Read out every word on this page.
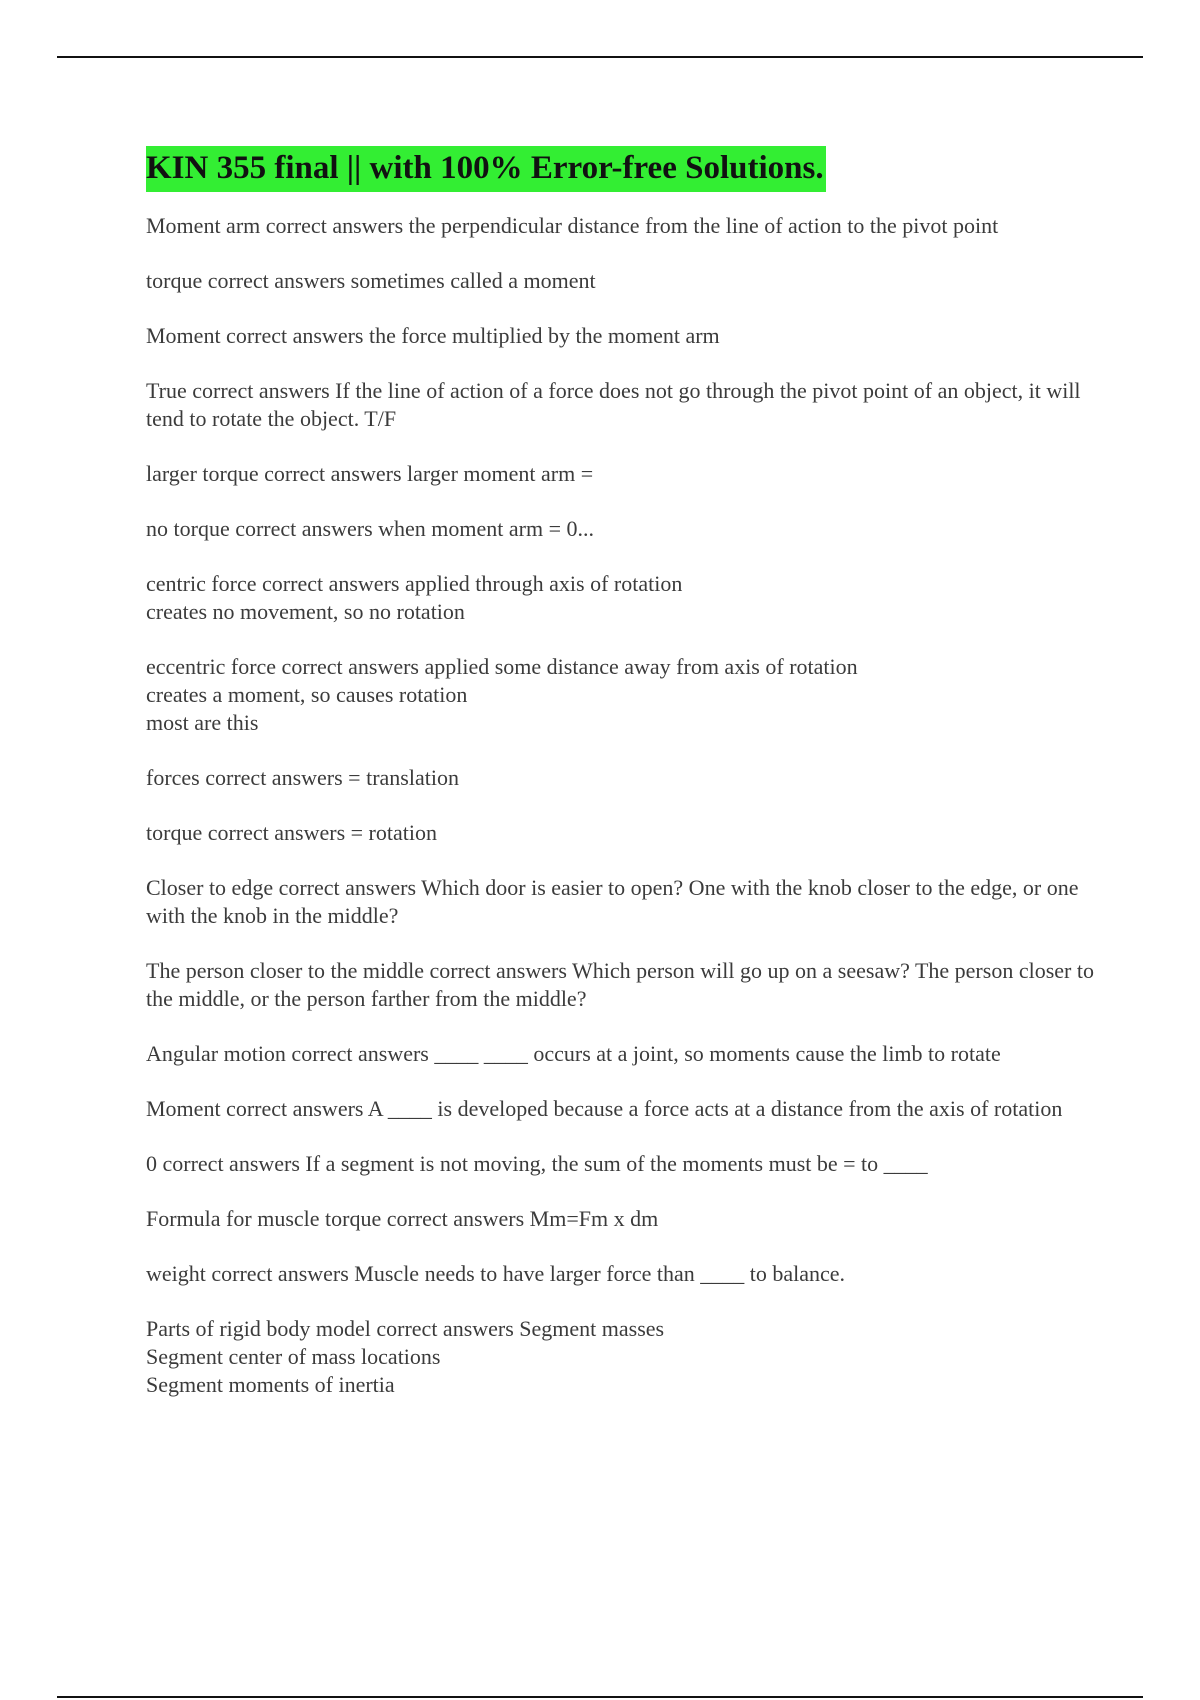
KIN 355 final || with 100% Error-free Solutions.
Moment arm correct answers the perpendicular distance from the line of action to the pivot point
torque correct answers sometimes called a moment
Moment correct answers the force multiplied by the moment arm
True correct answers If the line of action of a force does not go through the pivot point of an object, it will tend to rotate the object. T/F
larger torque correct answers larger moment arm =
no torque correct answers when moment arm = 0...
centric force correct answers applied through axis of rotation
creates no movement, so no rotation
eccentric force correct answers applied some distance away from axis of rotation
creates a moment, so causes rotation
most are this
forces correct answers = translation
torque correct answers = rotation
Closer to edge correct answers Which door is easier to open? One with the knob closer to the edge, or one with the knob in the middle?
The person closer to the middle correct answers Which person will go up on a seesaw? The person closer to the middle, or the person farther from the middle?
Angular motion correct answers ____ ____ occurs at a joint, so moments cause the limb to rotate
Moment correct answers A ____ is developed because a force acts at a distance from the axis of rotation
0 correct answers If a segment is not moving, the sum of the moments must be = to ____
Formula for muscle torque correct answers Mm=Fm x dm
weight correct answers Muscle needs to have larger force than ____ to balance.
Parts of rigid body model correct answers Segment masses
Segment center of mass locations
Segment moments of inertia
